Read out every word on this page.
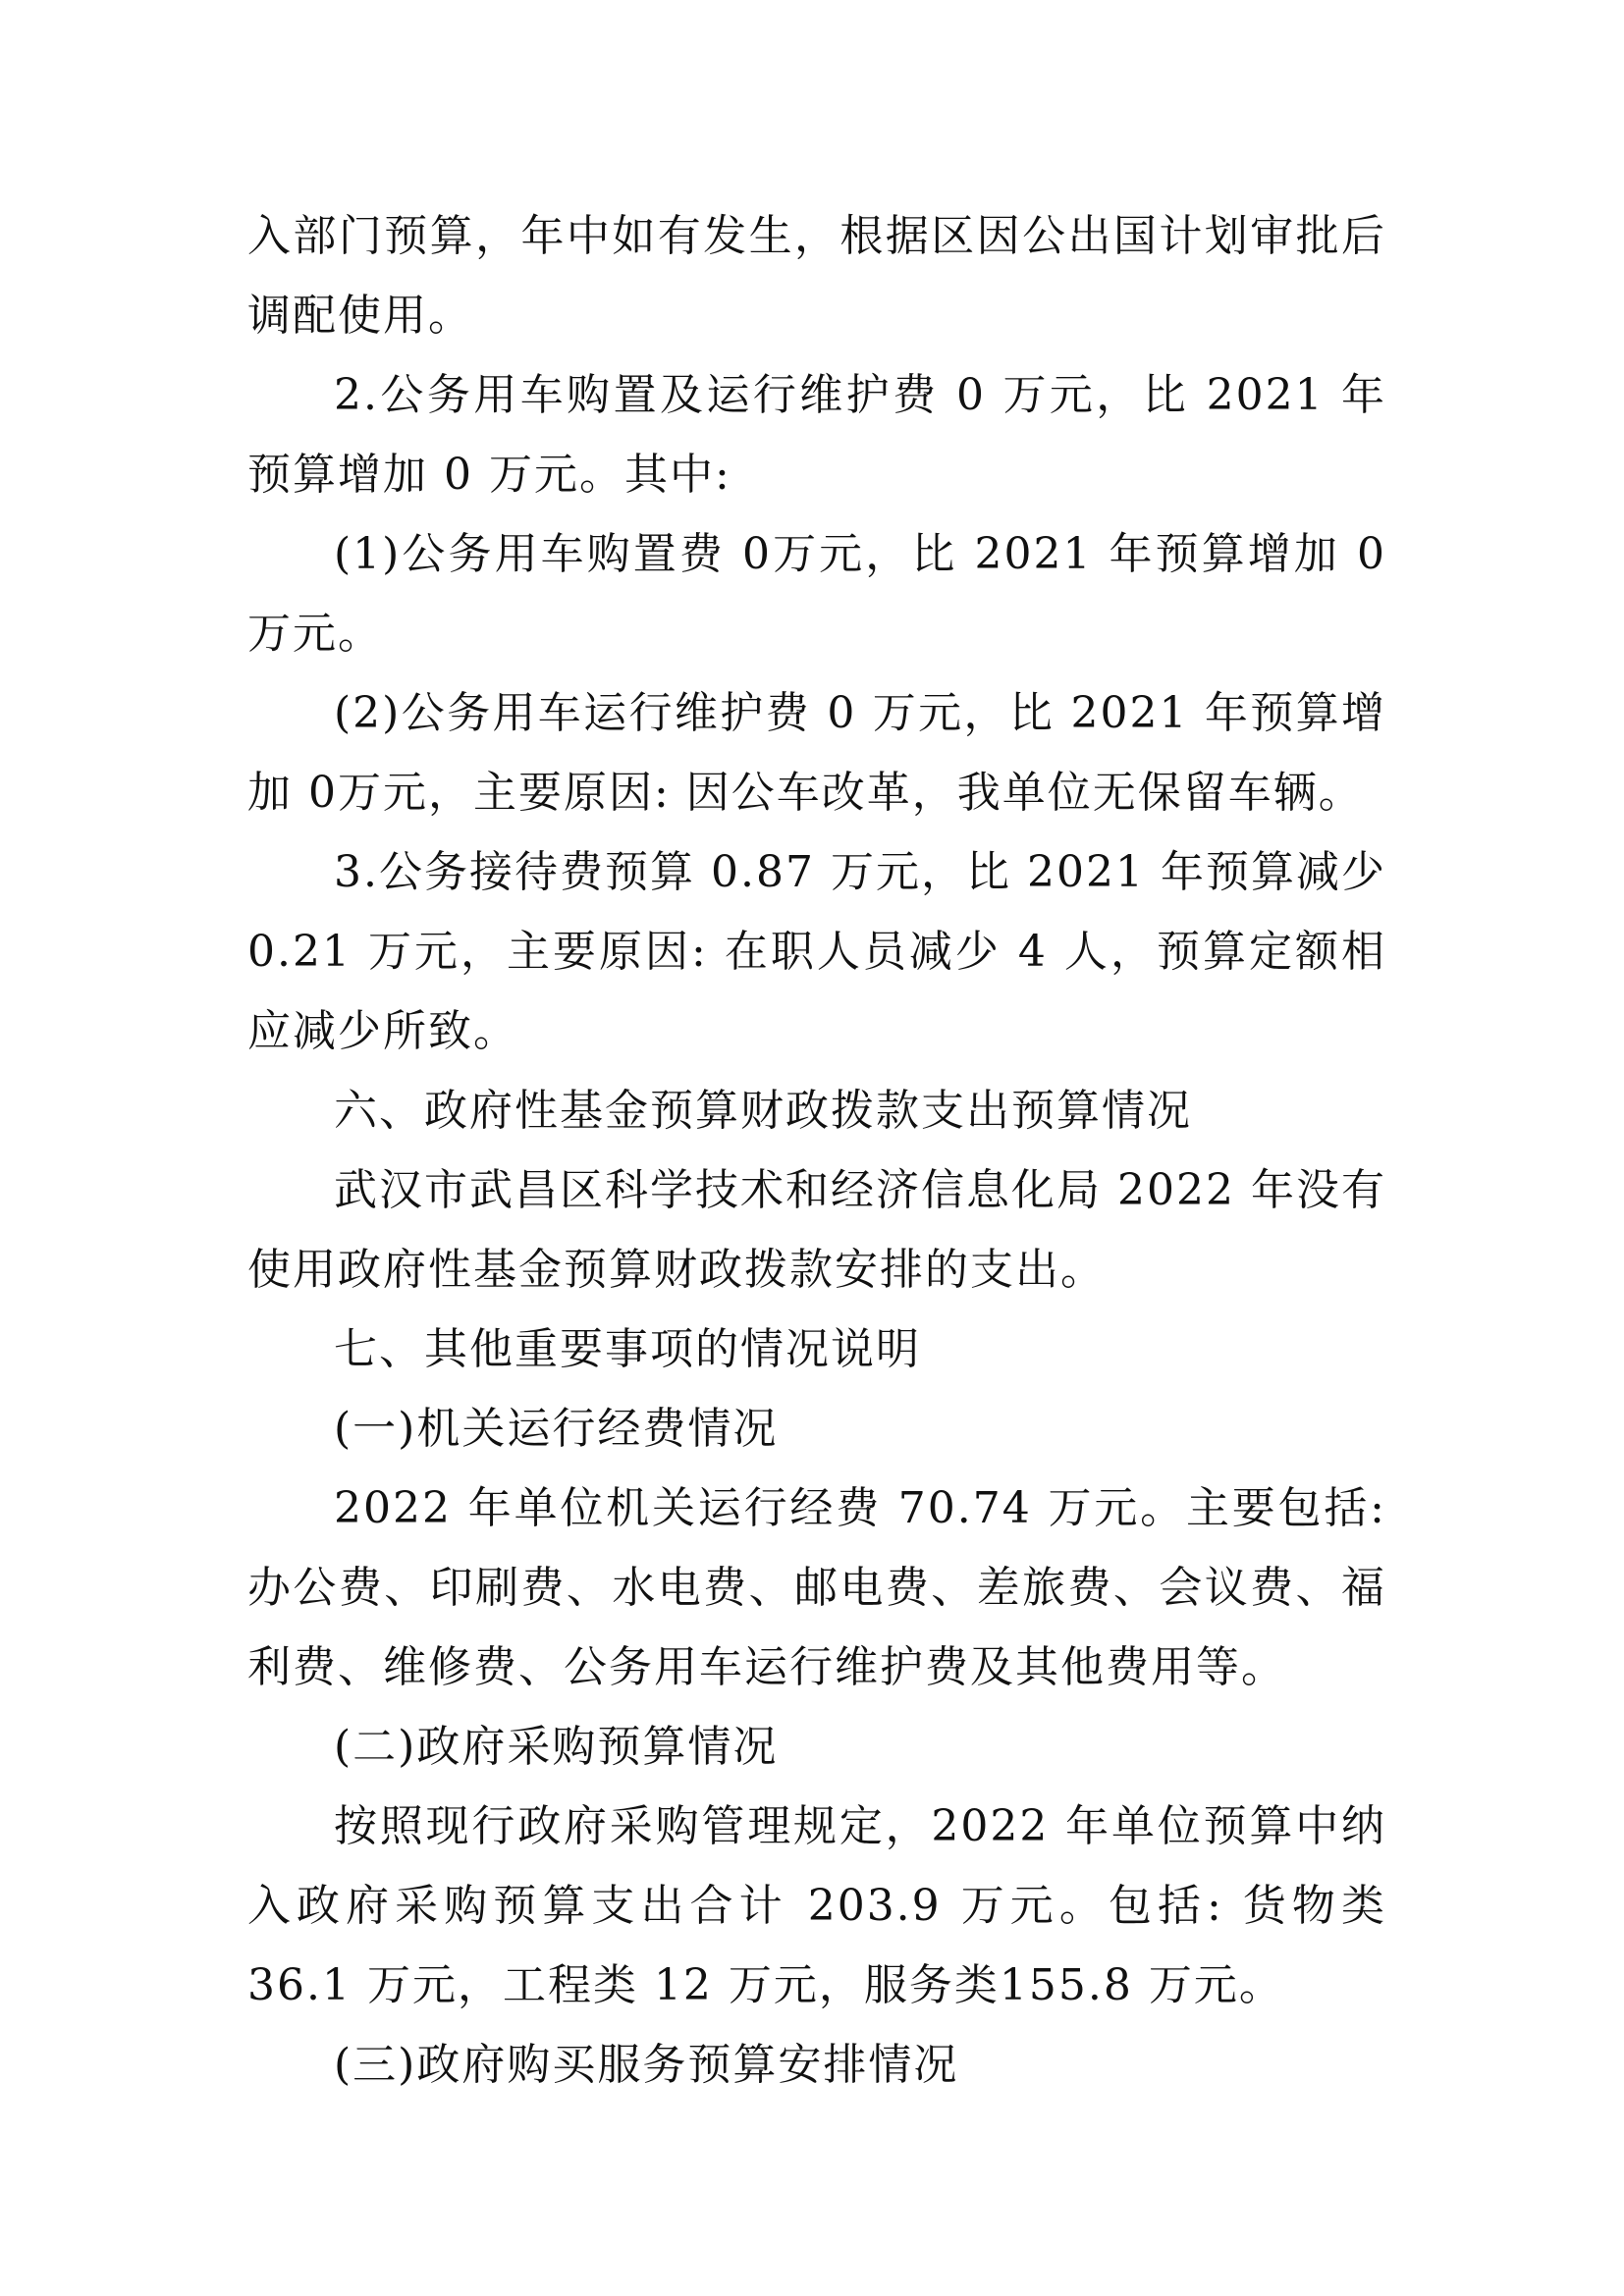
入部门预算，年中如有发生，根据区因公出国计划审批后调配使用。

2.公务用车购置及运行维护费 0 万元，比 2021 年预算增加 0 万元。其中:

(1)公务用车购置费 0万元，比 2021 年预算增加 0万元。

(2)公务用车运行维护费 0 万元，比 2021 年预算增加 0万元，主要原因: 因公车改革，我单位无保留车辆。

3.公务接待费预算 0.87 万元，比 2021 年预算减少 0.21 万元，主要原因: 在职人员减少 4 人，预算定额相应减少所致。

六、政府性基金预算财政拨款支出预算情况

武汉市武昌区科学技术和经济信息化局 2022 年没有使用政府性基金预算财政拨款安排的支出。

七、其他重要事项的情况说明

(一)机关运行经费情况

2022 年单位机关运行经费 70.74 万元。主要包括: 办公费、印刷费、水电费、邮电费、差旅费、会议费、福利费、维修费、公务用车运行维护费及其他费用等。

(二)政府采购预算情况

按照现行政府采购管理规定，2022 年单位预算中纳入政府采购预算支出合计 203.9 万元。包括: 货物类 36.1 万元，工程类 12 万元，服务类155.8 万元。

(三)政府购买服务预算安排情况
